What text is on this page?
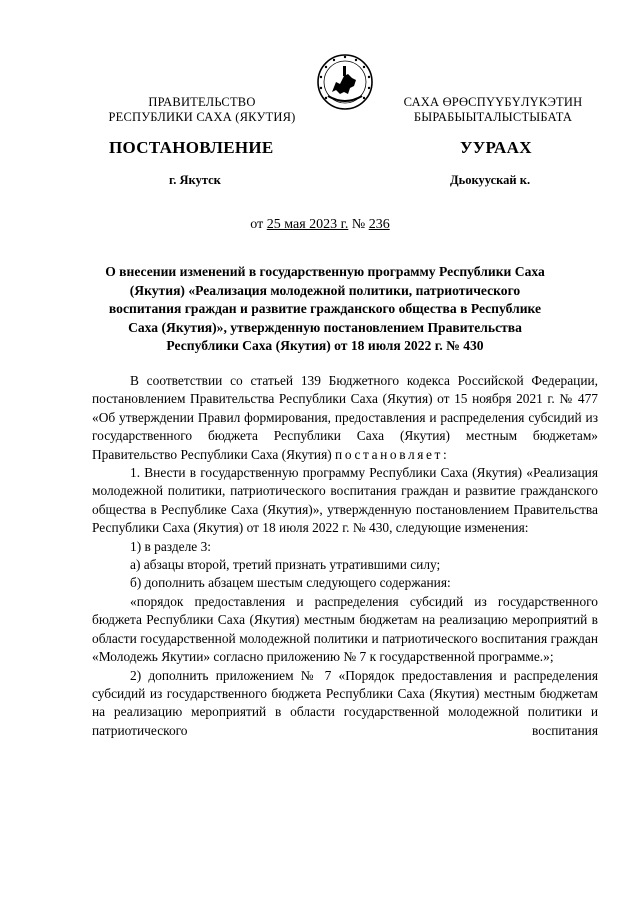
ПРАВИТЕЛЬСТВО
РЕСПУБЛИКИ САХА (ЯКУТИЯ)
САХА ӨРӨСПҮҮБҮЛҮКЭТИН
БЫРАБЫЫТАЛЫСТЫБАТА
ПОСТАНОВЛЕНИЕ	УУРААХ
г. Якутск	Дьокуускай к.
от 25 мая 2023 г. № 236
О внесении изменений в государственную программу Республики Саха (Якутия) «Реализация молодежной политики, патриотического воспитания граждан и развитие гражданского общества в Республике Саха (Якутия)», утвержденную постановлением Правительства Республики Саха (Якутия) от 18 июля 2022 г. № 430

В соответствии со статьей 139 Бюджетного кодекса Российской Федерации, постановлением Правительства Республики Саха (Якутия) от 15 ноября 2021 г. № 477 «Об утверждении Правил формирования, предоставления и распределения субсидий из государственного бюджета Республики Саха (Якутия) местным бюджетам» Правительство Республики Саха (Якутия) постановляет:

1. Внести в государственную программу Республики Саха (Якутия) «Реализация молодежной политики, патриотического воспитания граждан и развитие гражданского общества в Республике Саха (Якутия)», утвержденную постановлением Правительства Республики Саха (Якутия) от 18 июля 2022 г. № 430, следующие изменения:

1) в разделе 3:

а) абзацы второй, третий признать утратившими силу;

б) дополнить абзацем шестым следующего содержания:

«порядок предоставления и распределения субсидий из государственного бюджета Республики Саха (Якутия) местным бюджетам на реализацию мероприятий в области государственной молодежной политики и патриотического воспитания граждан «Молодежь Якутии» согласно приложению № 7 к государственной программе.»;

2) дополнить приложением № 7 «Порядок предоставления и распределения субсидий из государственного бюджета Республики Саха (Якутия) местным бюджетам на реализацию мероприятий в области государственной молодежной политики и патриотического воспитания
